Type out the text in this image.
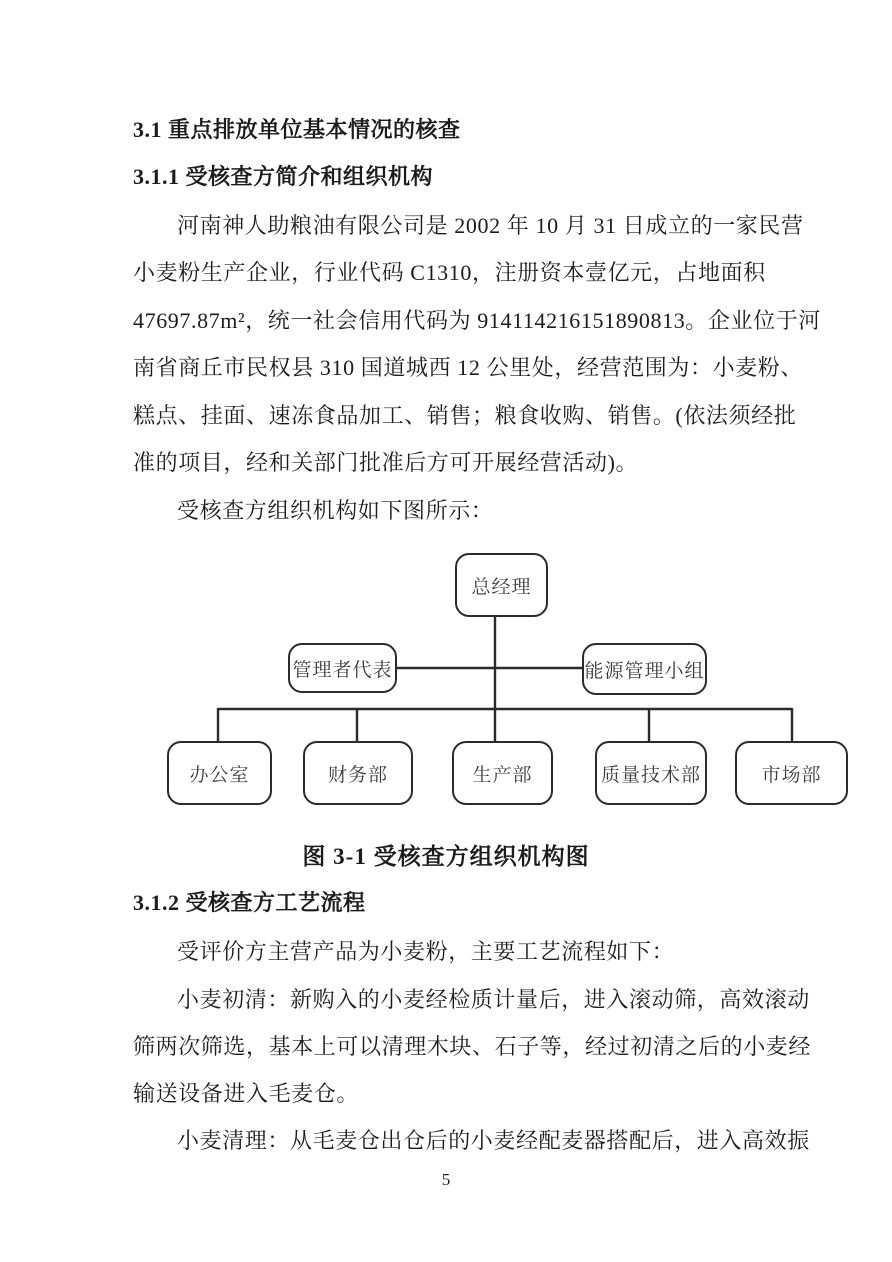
3.1 重点排放单位基本情况的核查
3.1.1 受核查方简介和组织机构
河南神人助粮油有限公司是 2002 年 10 月 31 日成立的一家民营
小麦粉生产企业，行业代码 C1310，注册资本壹亿元，占地面积
47697.87m²，统一社会信用代码为 914114216151890813。企业位于河
南省商丘市民权县 310 国道城西 12 公里处，经营范围为：小麦粉、
糕点、挂面、速冻食品加工、销售；粮食收购、销售。(依法须经批
准的项目，经和关部门批准后方可开展经营活动)。
受核查方组织机构如下图所示：
总经理
管理者代表	能源管理小组
办公室	财务部	生产部	质量技术部	市场部
图 3-1 受核查方组织机构图
3.1.2 受核查方工艺流程
受评价方主营产品为小麦粉，主要工艺流程如下：
小麦初清：新购入的小麦经检质计量后，进入滚动筛，高效滚动
筛两次筛选，基本上可以清理木块、石子等，经过初清之后的小麦经
输送设备进入毛麦仓。
小麦清理：从毛麦仓出仓后的小麦经配麦器搭配后，进入高效振
5
